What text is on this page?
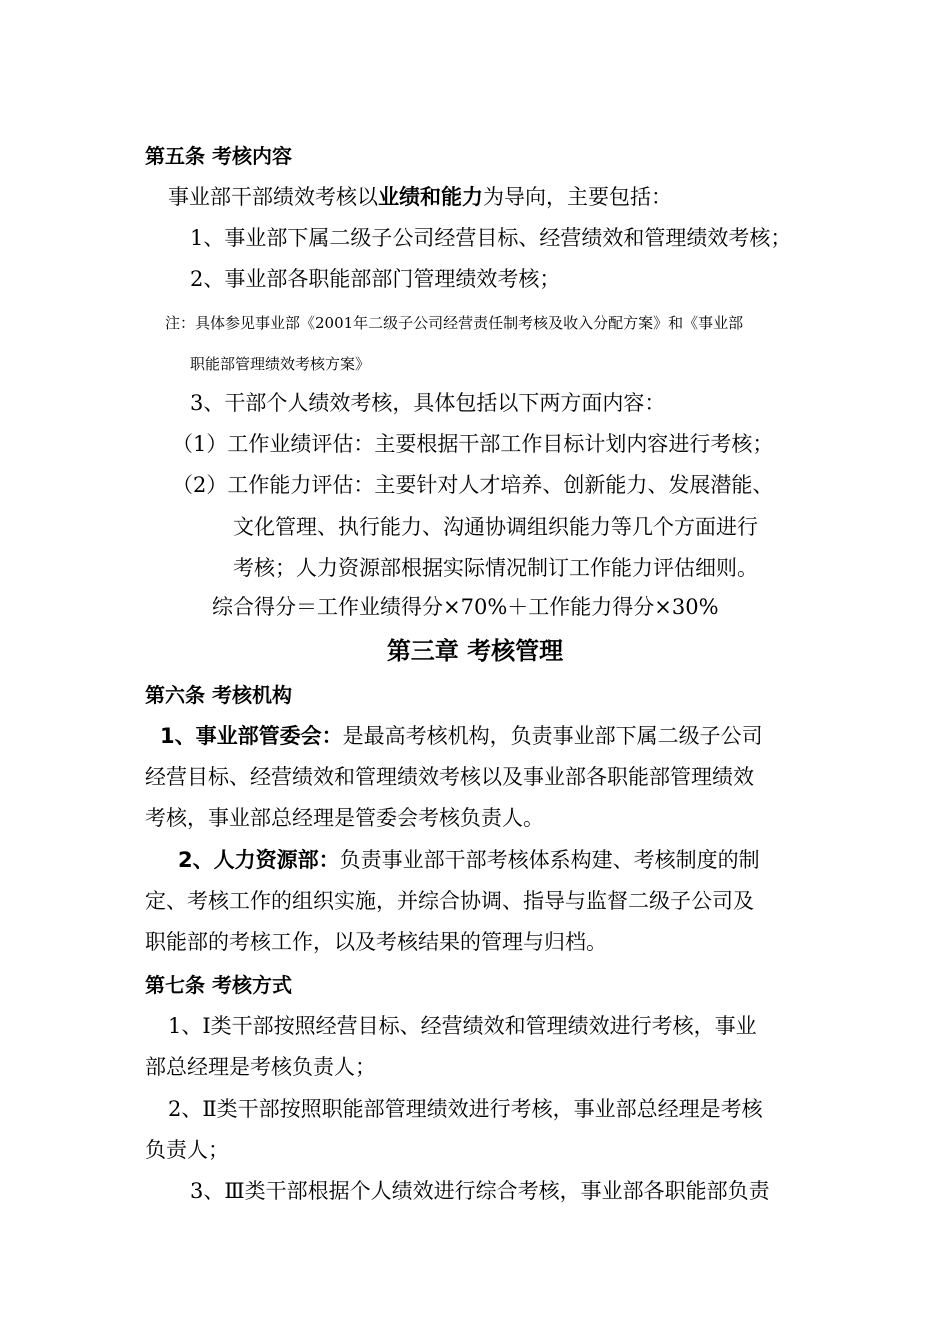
第五条 考核内容
事业部干部绩效考核以业绩和能力为导向，主要包括：
1、事业部下属二级子公司经营目标、经营绩效和管理绩效考核；
2、事业部各职能部部门管理绩效考核；
注：具体参见事业部《2001年二级子公司经营责任制考核及收入分配方案》和《事业部
职能部管理绩效考核方案》
3、干部个人绩效考核，具体包括以下两方面内容：
（1）工作业绩评估：主要根据干部工作目标计划内容进行考核；
（2）工作能力评估：主要针对人才培养、创新能力、发展潜能、
文化管理、执行能力、沟通协调组织能力等几个方面进行
考核；人力资源部根据实际情况制订工作能力评估细则。
综合得分＝工作业绩得分×70%＋工作能力得分×30%
第三章 考核管理
第六条 考核机构
1、事业部管委会：是最高考核机构，负责事业部下属二级子公司
经营目标、经营绩效和管理绩效考核以及事业部各职能部管理绩效
考核，事业部总经理是管委会考核负责人。
2、人力资源部：负责事业部干部考核体系构建、考核制度的制
定、考核工作的组织实施，并综合协调、指导与监督二级子公司及
职能部的考核工作，以及考核结果的管理与归档。
第七条 考核方式
1、Ⅰ类干部按照经营目标、经营绩效和管理绩效进行考核，事业
部总经理是考核负责人；
2、Ⅱ类干部按照职能部管理绩效进行考核，事业部总经理是考核
负责人；
3、Ⅲ类干部根据个人绩效进行综合考核，事业部各职能部负责
